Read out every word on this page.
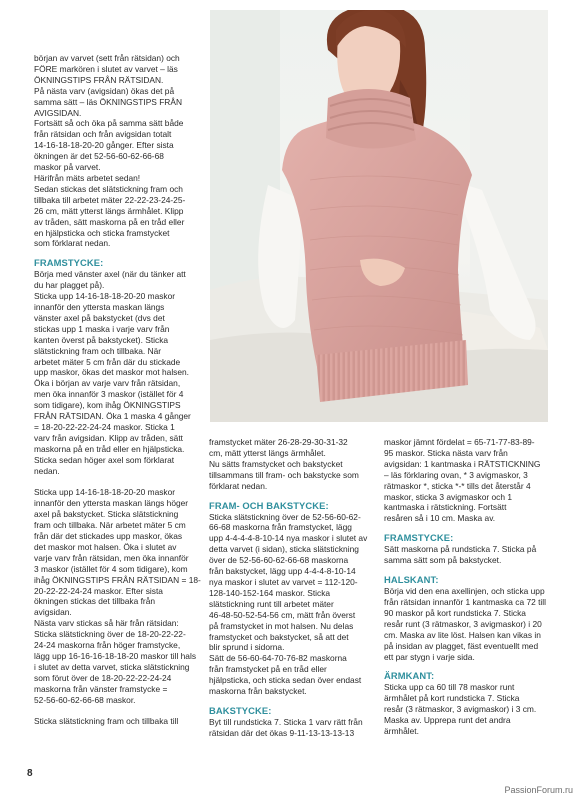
början av varvet (sett från rätsidan) och
FÖRE markören i slutet av varvet – läs
ÖKNINGSTIPS FRÅN RÄTSIDAN.
På nästa varv (avigsidan) ökas det på
samma sätt – läs ÖKNINGSTIPS FRÅN
AVIGSIDAN.
Fortsätt så och öka på samma sätt både
från rätsidan och från avigsidan totalt
14-16-18-18-20-20 gånger. Efter sista
ökningen är det 52-56-60-62-66-68
maskor på varvet.
Härifrån mäts arbetet sedan!
Sedan stickas det slätstickning fram och
tillbaka till arbetet mäter 22-22-23-24-25-
26 cm, mätt ytterst längs ärmhålet. Klipp
av tråden, sätt maskorna på en tråd eller
en hjälpsticka och sticka framstycket
som förklarat nedan.

FRAMSTYCKE:

Börja med vänster axel (när du tänker att
du har plagget på).
Sticka upp 14-16-18-18-20-20 maskor
innanför den yttersta maskan längs
vänster axel på bakstycket (dvs det
stickas upp 1 maska i varje varv från
kanten överst på bakstycket). Sticka
slätstickning fram och tillbaka. När
arbetet mäter 5 cm från där du stickade
upp maskor, ökas det maskor mot halsen.
Öka i början av varje varv från rätsidan,
men öka innanför 3 maskor (istället för 4
som tidigare), kom ihåg ÖKNINGSTIPS
FRÅN RÄTSIDAN. Öka 1 maska 4 gånger
= 18-20-22-22-24-24 maskor. Sticka 1
varv från avigsidan. Klipp av tråden, sätt
maskorna på en tråd eller en hjälpsticka.
Sticka sedan höger axel som förklarat
nedan.

Sticka upp 14-16-18-18-20-20 maskor
innanför den yttersta maskan längs höger
axel på bakstycket. Sticka slätstickning
fram och tillbaka. När arbetet mäter 5 cm
från där det stickades upp maskor, ökas
det maskor mot halsen. Öka i slutet av
varje varv från rätsidan, men öka innanför
3 maskor (istället för 4 som tidigare), kom
ihåg ÖKNINGSTIPS FRÅN RÄTSIDAN = 18-
20-22-22-24-24 maskor. Efter sista
ökningen stickas det tillbaka från
avigsidan.
Nästa varv stickas så här från rätsidan:
Sticka slätstickning över de 18-20-22-22-
24-24 maskorna från höger framstycke,
lägg upp 16-16-16-18-18-20 maskor till hals
i slutet av detta varvet, sticka slätstickning
som förut över de 18-20-22-22-24-24
maskorna från vänster framstycke =
52-56-60-62-66-68 maskor.

Sticka slätstickning fram och tillbaka till

framstycket mäter 26-28-29-30-31-32
cm, mätt ytterst längs ärmhålet.
Nu sätts framstycket och bakstycket
tillsammans till fram- och bakstycke som
förklarat nedan.

FRAM- OCH BAKSTYCKE:

Sticka slätstickning över de 52-56-60-62-
66-68 maskorna från framstycket, lägg
upp 4-4-4-4-8-10-14 nya maskor i slutet av
detta varvet (i sidan), sticka slätstickning
över de 52-56-60-62-66-68 maskorna
från bakstycket, lägg upp 4-4-4-8-10-14
nya maskor i slutet av varvet = 112-120-
128-140-152-164 maskor. Sticka
slätstickning runt till arbetet mäter
46-48-50-52-54-56 cm, mätt från överst
på framstycket in mot halsen. Nu delas
framstycket och bakstycket, så att det
blir sprund i sidorna.
Sätt de 56-60-64-70-76-82 maskorna
från framstycket på en tråd eller
hjälpsticka, och sticka sedan över endast
maskorna från bakstycket.

BAKSTYCKE:

Byt till rundsticka 7. Sticka 1 varv rätt från
rätsidan där det ökas 9-11-13-13-13-13

maskor jämnt fördelat = 65-71-77-83-89-
95 maskor. Sticka nästa varv från
avigsidan: 1 kantmaska i RÄTSTICKNING
– läs förklaring ovan, * 3 avigmaskor, 3
rätmaskor *, sticka *-* tills det återstår 4
maskor, sticka 3 avigmaskor och 1
kantmaska i rätstickning. Fortsätt
resåren så i 10 cm. Maska av.

FRAMSTYCKE:

Sätt maskorna på rundsticka 7. Sticka på
samma sätt som på bakstycket.

HALSKANT:

Börja vid den ena axellinjen, och sticka upp
från rätsidan innanför 1 kantmaska ca 72 till
90 maskor på kort rundsticka 7. Sticka
resår runt (3 rätmaskor, 3 avigmaskor) i 20
cm. Maska av lite löst. Halsen kan vikas in
på insidan av plagget, fäst eventuellt med
ett par stygn i varje sida.

ÄRMKANT:

Sticka upp ca 60 till 78 maskor runt
ärmhålet på kort rundsticka 7. Sticka
resår (3 rätmaskor, 3 avigmaskor) i 3 cm.
Maska av. Upprepa runt det andra
ärmhålet.

8
PassionForum.ru
